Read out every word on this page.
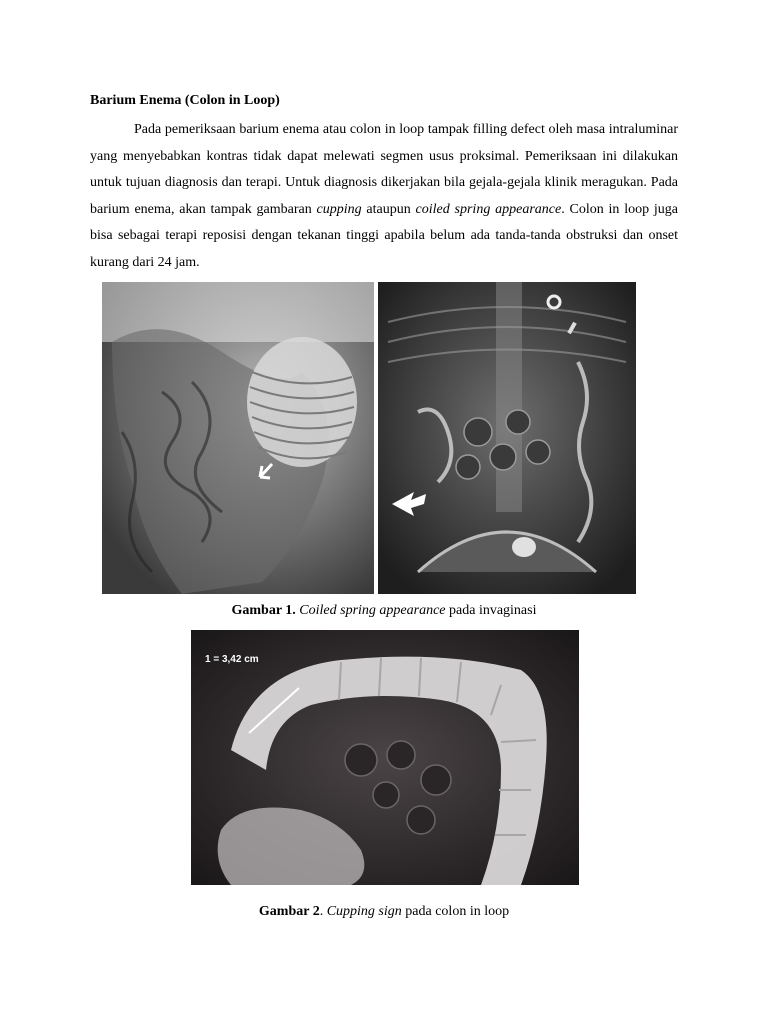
Barium Enema (Colon in Loop)

Pada pemeriksaan barium enema atau colon in loop tampak filling defect oleh masa intraluminar yang menyebabkan kontras tidak dapat melewati segmen usus proksimal. Pemeriksaan ini dilakukan untuk tujuan diagnosis dan terapi. Untuk diagnosis dikerjakan bila gejala-gejala klinik meragukan. Pada barium enema, akan tampak gambaran cupping ataupun coiled spring appearance. Colon in loop juga bisa sebagai terapi reposisi dengan tekanan tinggi apabila belum ada tanda-tanda obstruksi dan onset kurang dari 24 jam.

Gambar 1. Coiled spring appearance pada invaginasi
1 = 3,42 cm
Gambar 2. Cupping sign pada colon in loop
